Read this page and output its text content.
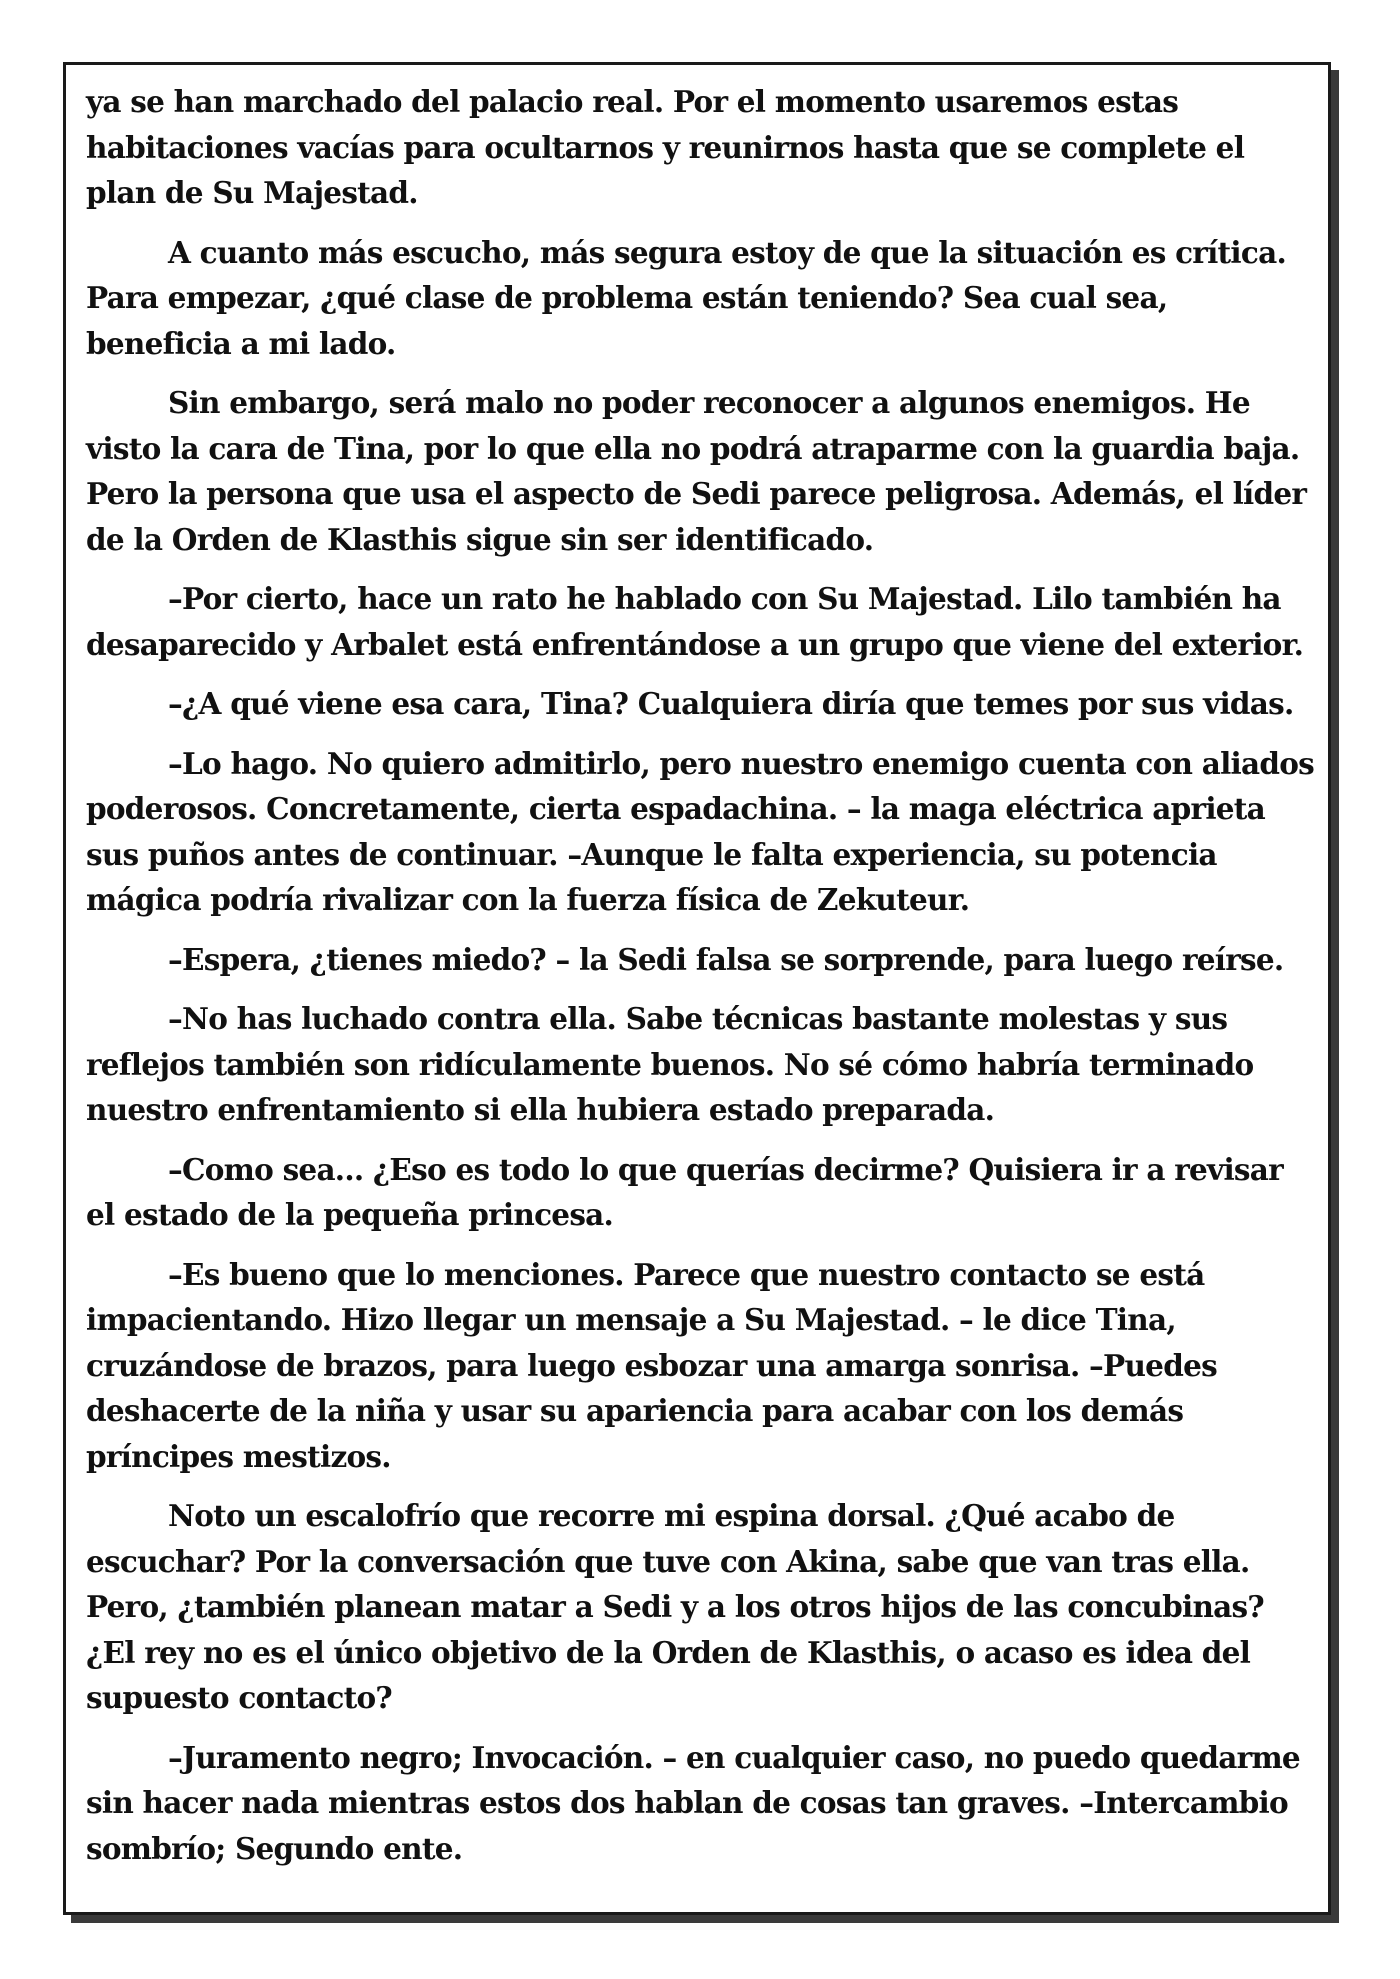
ya se han marchado del palacio real. Por el momento usaremos estas habitaciones vacías para ocultarnos y reunirnos hasta que se complete el plan de Su Majestad.

A cuanto más escucho, más segura estoy de que la situación es crítica. Para empezar, ¿qué clase de problema están teniendo? Sea cual sea, beneficia a mi lado.

Sin embargo, será malo no poder reconocer a algunos enemigos. He visto la cara de Tina, por lo que ella no podrá atraparme con la guardia baja. Pero la persona que usa el aspecto de Sedi parece peligrosa. Además, el líder de la Orden de Klasthis sigue sin ser identificado.

–Por cierto, hace un rato he hablado con Su Majestad. Lilo también ha desaparecido y Arbalet está enfrentándose a un grupo que viene del exterior.

–¿A qué viene esa cara, Tina? Cualquiera diría que temes por sus vidas.

–Lo hago. No quiero admitirlo, pero nuestro enemigo cuenta con aliados poderosos. Concretamente, cierta espadachina. – la maga eléctrica aprieta sus puños antes de continuar. –Aunque le falta experiencia, su potencia mágica podría rivalizar con la fuerza física de Zekuteur.

–Espera, ¿tienes miedo? – la Sedi falsa se sorprende, para luego reírse.

–No has luchado contra ella. Sabe técnicas bastante molestas y sus reflejos también son ridículamente buenos. No sé cómo habría terminado nuestro enfrentamiento si ella hubiera estado preparada.

–Como sea... ¿Eso es todo lo que querías decirme? Quisiera ir a revisar el estado de la pequeña princesa.

–Es bueno que lo menciones. Parece que nuestro contacto se está impacientando. Hizo llegar un mensaje a Su Majestad. – le dice Tina, cruzándose de brazos, para luego esbozar una amarga sonrisa. –Puedes deshacerte de la niña y usar su apariencia para acabar con los demás príncipes mestizos.

Noto un escalofrío que recorre mi espina dorsal. ¿Qué acabo de escuchar? Por la conversación que tuve con Akina, sabe que van tras ella. Pero, ¿también planean matar a Sedi y a los otros hijos de las concubinas? ¿El rey no es el único objetivo de la Orden de Klasthis, o acaso es idea del supuesto contacto?

–Juramento negro; Invocación. – en cualquier caso, no puedo quedarme sin hacer nada mientras estos dos hablan de cosas tan graves. –Intercambio sombrío; Segundo ente.
